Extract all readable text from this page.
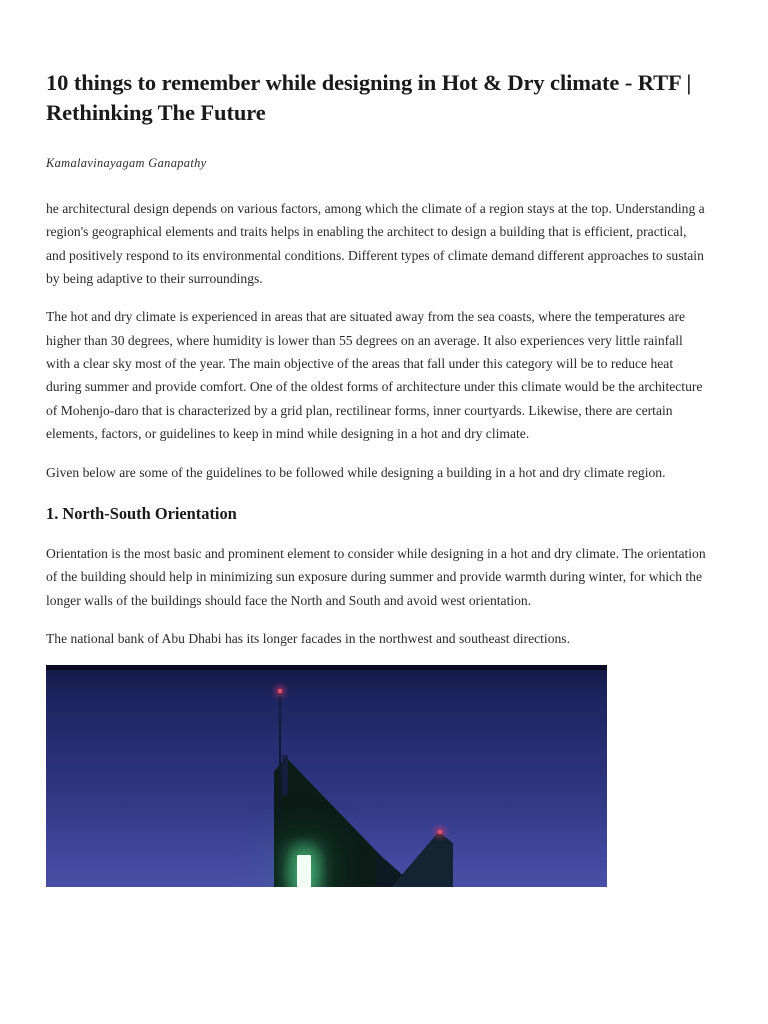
10 things to remember while designing in Hot & Dry climate - RTF | Rethinking The Future
Kamalavinayagam Ganapathy

he architectural design depends on various factors, among which the climate of a region stays at the top. Understanding a region's geographical elements and traits helps in enabling the architect to design a building that is efficient, practical, and positively respond to its environmental conditions. Different types of climate demand different approaches to sustain by being adaptive to their surroundings.

The hot and dry climate is experienced in areas that are situated away from the sea coasts, where the temperatures are higher than 30 degrees, where humidity is lower than 55 degrees on an average. It also experiences very little rainfall with a clear sky most of the year. The main objective of the areas that fall under this category will be to reduce heat during summer and provide comfort. One of the oldest forms of architecture under this climate would be the architecture of Mohenjo-daro that is characterized by a grid plan, rectilinear forms, inner courtyards. Likewise, there are certain elements, factors, or guidelines to keep in mind while designing in a hot and dry climate.

Given below are some of the guidelines to be followed while designing a building in a hot and dry climate region.

1. North-South Orientation

Orientation is the most basic and prominent element to consider while designing in a hot and dry climate. The orientation of the building should help in minimizing sun exposure during summer and provide warmth during winter, for which the longer walls of the buildings should face the North and South and avoid west orientation.

The national bank of Abu Dhabi has its longer facades in the northwest and southeast directions.
